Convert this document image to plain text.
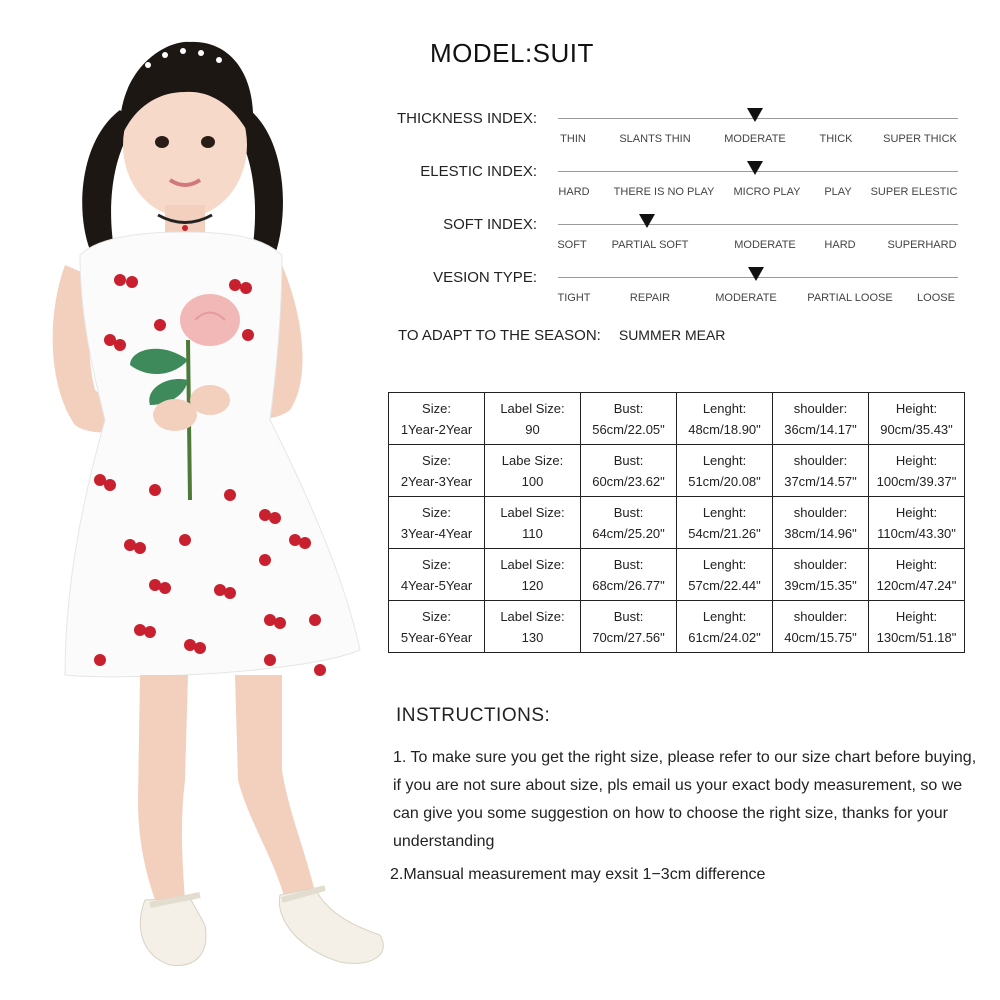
MODEL:SUIT
THICKNESS INDEX:
THIN	SLANTS THIN	MODERATE	THICK	SUPER THICK
ELESTIC INDEX:
HARD THERE IS NO PLAY MICRO PLAY PLAY SUPER ELESTIC
SOFT INDEX:
SOFT PARTIAL SOFT	MODERATE	HARD	SUPERHARD
VESION TYPE:
TIGHT	REPAIR	MODERATE	PARTIAL LOOSE LOOSE
TO ADAPT TO THE SEASON: SUMMER MEAR
Size:
1Year-2Year	Label Size:
90	Bust:
56cm/22.05"	Lenght:
48cm/18.90"	shoulder:
36cm/14.17"	Height:
90cm/35.43"
Size:
2Year-3Year	Labe Size:
100	Bust:
60cm/23.62"	Lenght:
51cm/20.08"	shoulder:
37cm/14.57"	Height:
100cm/39.37"
Size:
3Year-4Year	Label Size:
110	Bust:
64cm/25.20"	Lenght:
54cm/21.26"	shoulder:
38cm/14.96"	Height:
110cm/43.30"
Size:
4Year-5Year	Label Size:
120	Bust:
68cm/26.77"	Lenght:
57cm/22.44"	shoulder:
39cm/15.35"	Height:
120cm/47.24"
Size:
5Year-6Year	Label Size:
130	Bust:
70cm/27.56"	Lenght:
61cm/24.02"	shoulder:
40cm/15.75"	Height:
130cm/51.18"
INSTRUCTIONS:
1. To make sure you get the right size, please refer to our size chart before buying, if you are not sure about size, pls email us your exact body measurement, so we can give you some suggestion on how to choose the right size, thanks for your understanding
2.Mansual measurement may exsit 1−3cm difference
